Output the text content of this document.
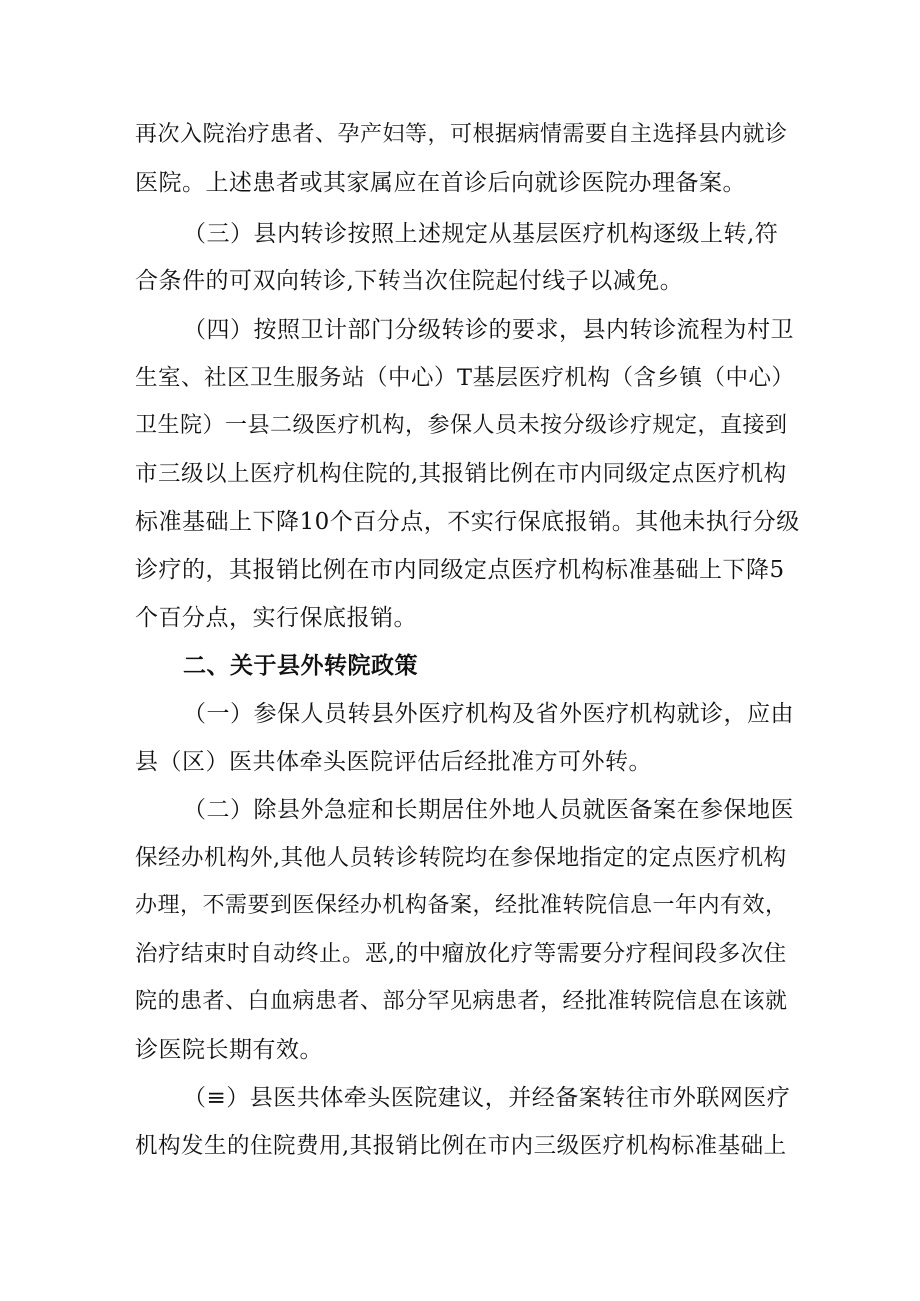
再次入院治疗患者、孕产妇等，可根据病情需要自主选择县内就诊
医院。上述患者或其家属应在首诊后向就诊医院办理备案。
（三）县内转诊按照上述规定从基层医疗机构逐级上转,符
合条件的可双向转诊,下转当次住院起付线子以减免。
（四）按照卫计部门分级转诊的要求，县内转诊流程为村卫
生室、社区卫生服务站（中心）T基层医疗机构（含乡镇（中心）
卫生院）一县二级医疗机构，参保人员未按分级诊疗规定，直接到
市三级以上医疗机构住院的,其报销比例在市内同级定点医疗机构
标准基础上下降10个百分点，不实行保底报销。其他未执行分级
诊疗的，其报销比例在市内同级定点医疗机构标准基础上下降5
个百分点，实行保底报销。
二、关于县外转院政策
（一）参保人员转县外医疗机构及省外医疗机构就诊，应由
县（区）医共体牵头医院评估后经批准方可外转。
（二）除县外急症和长期居住外地人员就医备案在参保地医
保经办机构外,其他人员转诊转院均在参保地指定的定点医疗机构
办理，不需要到医保经办机构备案，经批准转院信息一年内有效，
治疗结束时自动终止。恶,的中瘤放化疗等需要分疗程间段多次住
院的患者、白血病患者、部分罕见病患者，经批准转院信息在该就
诊医院长期有效。
（≡）县医共体牵头医院建议，并经备案转往市外联网医疗
机构发生的住院费用,其报销比例在市内三级医疗机构标准基础上
